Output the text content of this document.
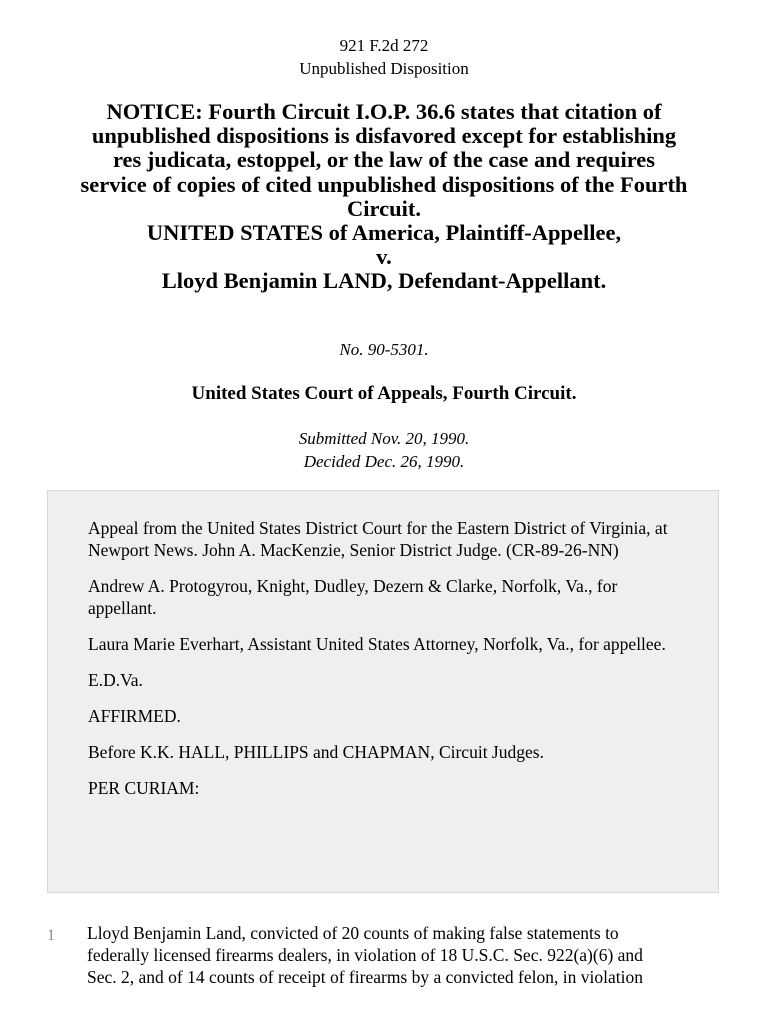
921 F.2d 272
Unpublished Disposition
NOTICE: Fourth Circuit I.O.P. 36.6 states that citation of
unpublished dispositions is disfavored except for establishing
res judicata, estoppel, or the law of the case and requires
service of copies of cited unpublished dispositions of the Fourth
Circuit.
UNITED STATES of America, Plaintiff-Appellee,
v.
Lloyd Benjamin LAND, Defendant-Appellant.
No. 90-5301.
United States Court of Appeals, Fourth Circuit.
Submitted Nov. 20, 1990.
Decided Dec. 26, 1990.

Appeal from the United States District Court for the Eastern District of Virginia, at Newport News. John A. MacKenzie, Senior District Judge. (CR-89-26-NN)

Andrew A. Protogyrou, Knight, Dudley, Dezern & Clarke, Norfolk, Va., for appellant.

Laura Marie Everhart, Assistant United States Attorney, Norfolk, Va., for appellee.

E.D.Va.

AFFIRMED.

Before K.K. HALL, PHILLIPS and CHAPMAN, Circuit Judges.

PER CURIAM:

1 Lloyd Benjamin Land, convicted of 20 counts of making false statements to
federally licensed firearms dealers, in violation of 18 U.S.C. Sec. 922(a)(6) and
Sec. 2, and of 14 counts of receipt of firearms by a convicted felon, in violation
